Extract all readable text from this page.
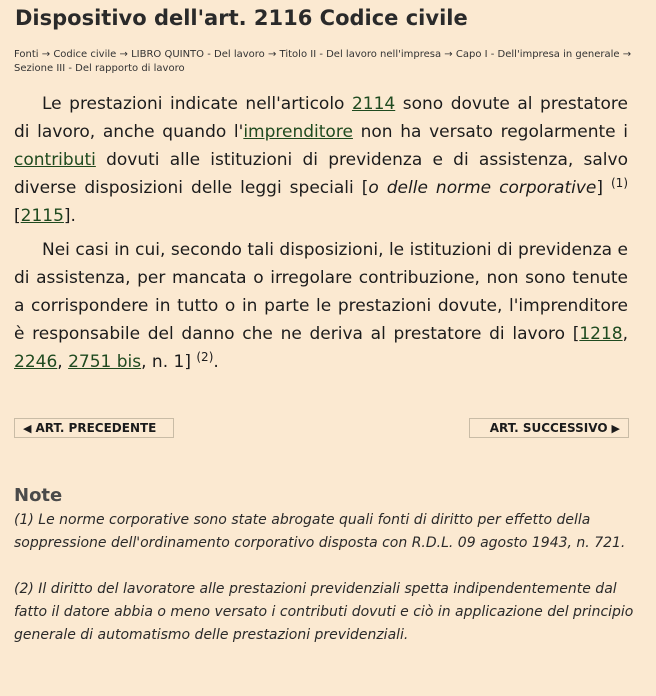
Dispositivo dell'art. 2116 Codice civile
Fonti → Codice civile → LIBRO QUINTO - Del lavoro → Titolo II - Del lavoro nell'impresa → Capo I - Dell'impresa in generale → Sezione III - Del rapporto di lavoro

Le prestazioni indicate nell'articolo 2114 sono dovute al prestatore di lavoro, anche quando l'imprenditore non ha versato regolarmente i contributi dovuti alle istituzioni di previdenza e di assistenza, salvo diverse disposizioni delle leggi speciali [o delle norme corporative] $^{(1)}$ [2115].

Nei casi in cui, secondo tali disposizioni, le istituzioni di previdenza e di assistenza, per mancata o irregolare contribuzione, non sono tenute a corrispondere in tutto o in parte le prestazioni dovute, l'imprenditore è responsabile del danno che ne deriva al prestatore di lavoro [1218, 2246, 2751 bis, n. 1] $^{(2)}$.

◀ ART. PRECEDENTE	ART. SUCCESSIVO ▶
Note

(1) Le norme corporative sono state abrogate quali fonti di diritto per effetto della soppressione dell'ordinamento corporativo disposta con R.D.L. 09 agosto 1943, n. 721.

(2) Il diritto del lavoratore alle prestazioni previdenziali spetta indipendentemente dal fatto il datore abbia o meno versato i contributi dovuti e ciò in applicazione del principio generale di automatismo delle prestazioni previdenziali.
